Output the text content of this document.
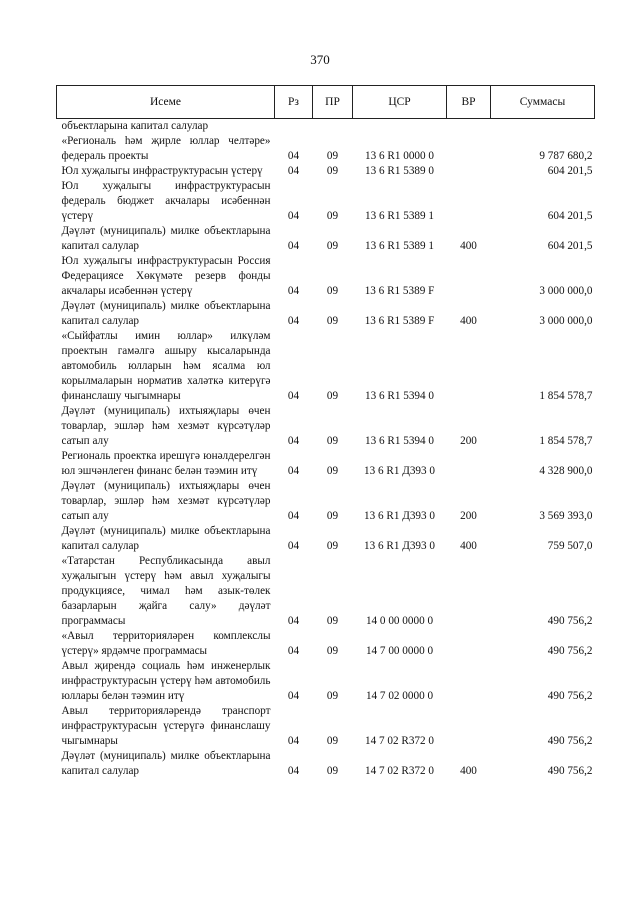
370
Исеме	Рз	ПР	ЦСР	ВР	Суммасы
объектларына капитал салулар					
«Региональ һәм җирле юллар челтәре» федераль проекты	04	09	13 6 R1 0000 0		9 787 680,2
Юл хуҗалыгы инфраструктурасын үстерү	04	09	13 6 R1 5389 0		604 201,5
Юл хуҗалыгы инфраструктурасын федераль бюджет акчалары исәбеннән үстерү	04	09	13 6 R1 5389 1		604 201,5
Дәүләт (муниципаль) милке объектларына капитал салулар	04	09	13 6 R1 5389 1	400	604 201,5
Юл хуҗалыгы инфраструктурасын Россия Федерациясе Хөкүмәте резерв фонды акчалары исәбеннән үстерү	04	09	13 6 R1 5389 F		3 000 000,0
Дәүләт (муниципаль) милке объектларына капитал салулар	04	09	13 6 R1 5389 F	400	3 000 000,0
«Сыйфатлы имин юллар» илкүләм проектын гамәлгә ашыру кысаларында автомобиль юлларын һәм ясалма юл корылмаларын норматив халәткә китерүгә финанслашу чыгымнары	04	09	13 6 R1 5394 0		1 854 578,7
Дәүләт (муниципаль) ихтыяҗлары өчен товарлар, эшләр һәм хезмәт күрсәтүләр сатып алу	04	09	13 6 R1 5394 0	200	1 854 578,7
Региональ проектка ирешүгә юнәлдерелгән юл эшчәнлеген финанс белән тәэмин итү	04	09	13 6 R1 Д393 0		4 328 900,0
Дәүләт (муниципаль) ихтыяҗлары өчен товарлар, эшләр һәм хезмәт күрсәтүләр сатып алу	04	09	13 6 R1 Д393 0	200	3 569 393,0
Дәүләт (муниципаль) милке объектларына капитал салулар	04	09	13 6 R1 Д393 0	400	759 507,0
«Татарстан Республикасында авыл хуҗалыгын үстерү һәм авыл хуҗалыгы продукциясе, чимал һәм азык-төлек базарларын җайга салу» дәүләт программасы	04	09	14 0 00 0000 0		490 756,2
«Авыл территорияләрен комплекслы үстерү» ярдәмче программасы	04	09	14 7 00 0000 0		490 756,2
Авыл җирендә социаль һәм инженерлык инфраструктурасын үстерү һәм автомобиль юллары белән тәэмин итү	04	09	14 7 02 0000 0		490 756,2
Авыл территорияләрендә транспорт инфраструктурасын үстерүгә финанслашу чыгымнары	04	09	14 7 02 R372 0		490 756,2
Дәүләт (муниципаль) милке объектларына капитал салулар	04	09	14 7 02 R372 0	400	490 756,2
